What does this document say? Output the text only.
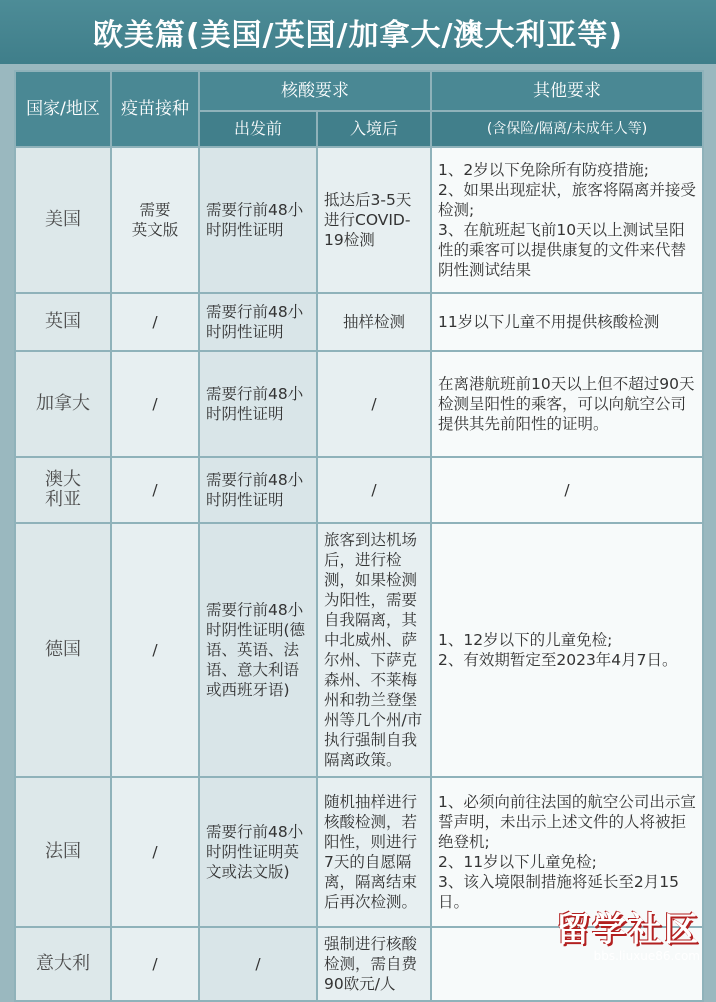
欧美篇(美国/英国/加拿大/澳大利亚等)
国家/地区	疫苗接种	核酸要求		其他要求
		出发前	入境后	(含保险/隔离/未成年人等)
美国	需要
英文版	需要行前48小时阴性证明	抵达后3-5天进行COVID-19检测	1、2岁以下免除所有防疫措施;
2、如果出现症状，旅客将隔离并接受检测;
3、在航班起飞前10天以上测试呈阳性的乘客可以提供康复的文件来代替阴性测试结果
英国	/	需要行前48小时阴性证明	抽样检测	11岁以下儿童不用提供核酸检测
加拿大	/	需要行前48小时阴性证明	/	在离港航班前10天以上但不超过90天检测呈阳性的乘客，可以向航空公司提供其先前阳性的证明。
澳大
利亚	/	需要行前48小时阴性证明	/	/
德国	/	需要行前48小时阴性证明(德语、英语、法语、意大利语或西班牙语)	旅客到达机场后，进行检测，如果检测为阳性，需要自我隔离，其中北威州、萨尔州、下萨克森州、不莱梅州和勃兰登堡州等几个州/市执行强制自我隔离政策。	1、12岁以下的儿童免检;
2、有效期暂定至2023年4月7日。
法国	/	需要行前48小时阴性证明英文或法文版)	随机抽样进行核酸检测，若阳性，则进行7天的自愿隔离，隔离结束后再次检测。	1、必须向前往法国的航空公司出示宣誓声明，未出示上述文件的人将被拒绝登机;
2、11岁以下儿童免检;
3、该入境限制措施将延长至2月15日。
意大利	/	/	强制进行核酸检测，需自费90欧元/人	
留学社区
bbs.liuxue86.com
